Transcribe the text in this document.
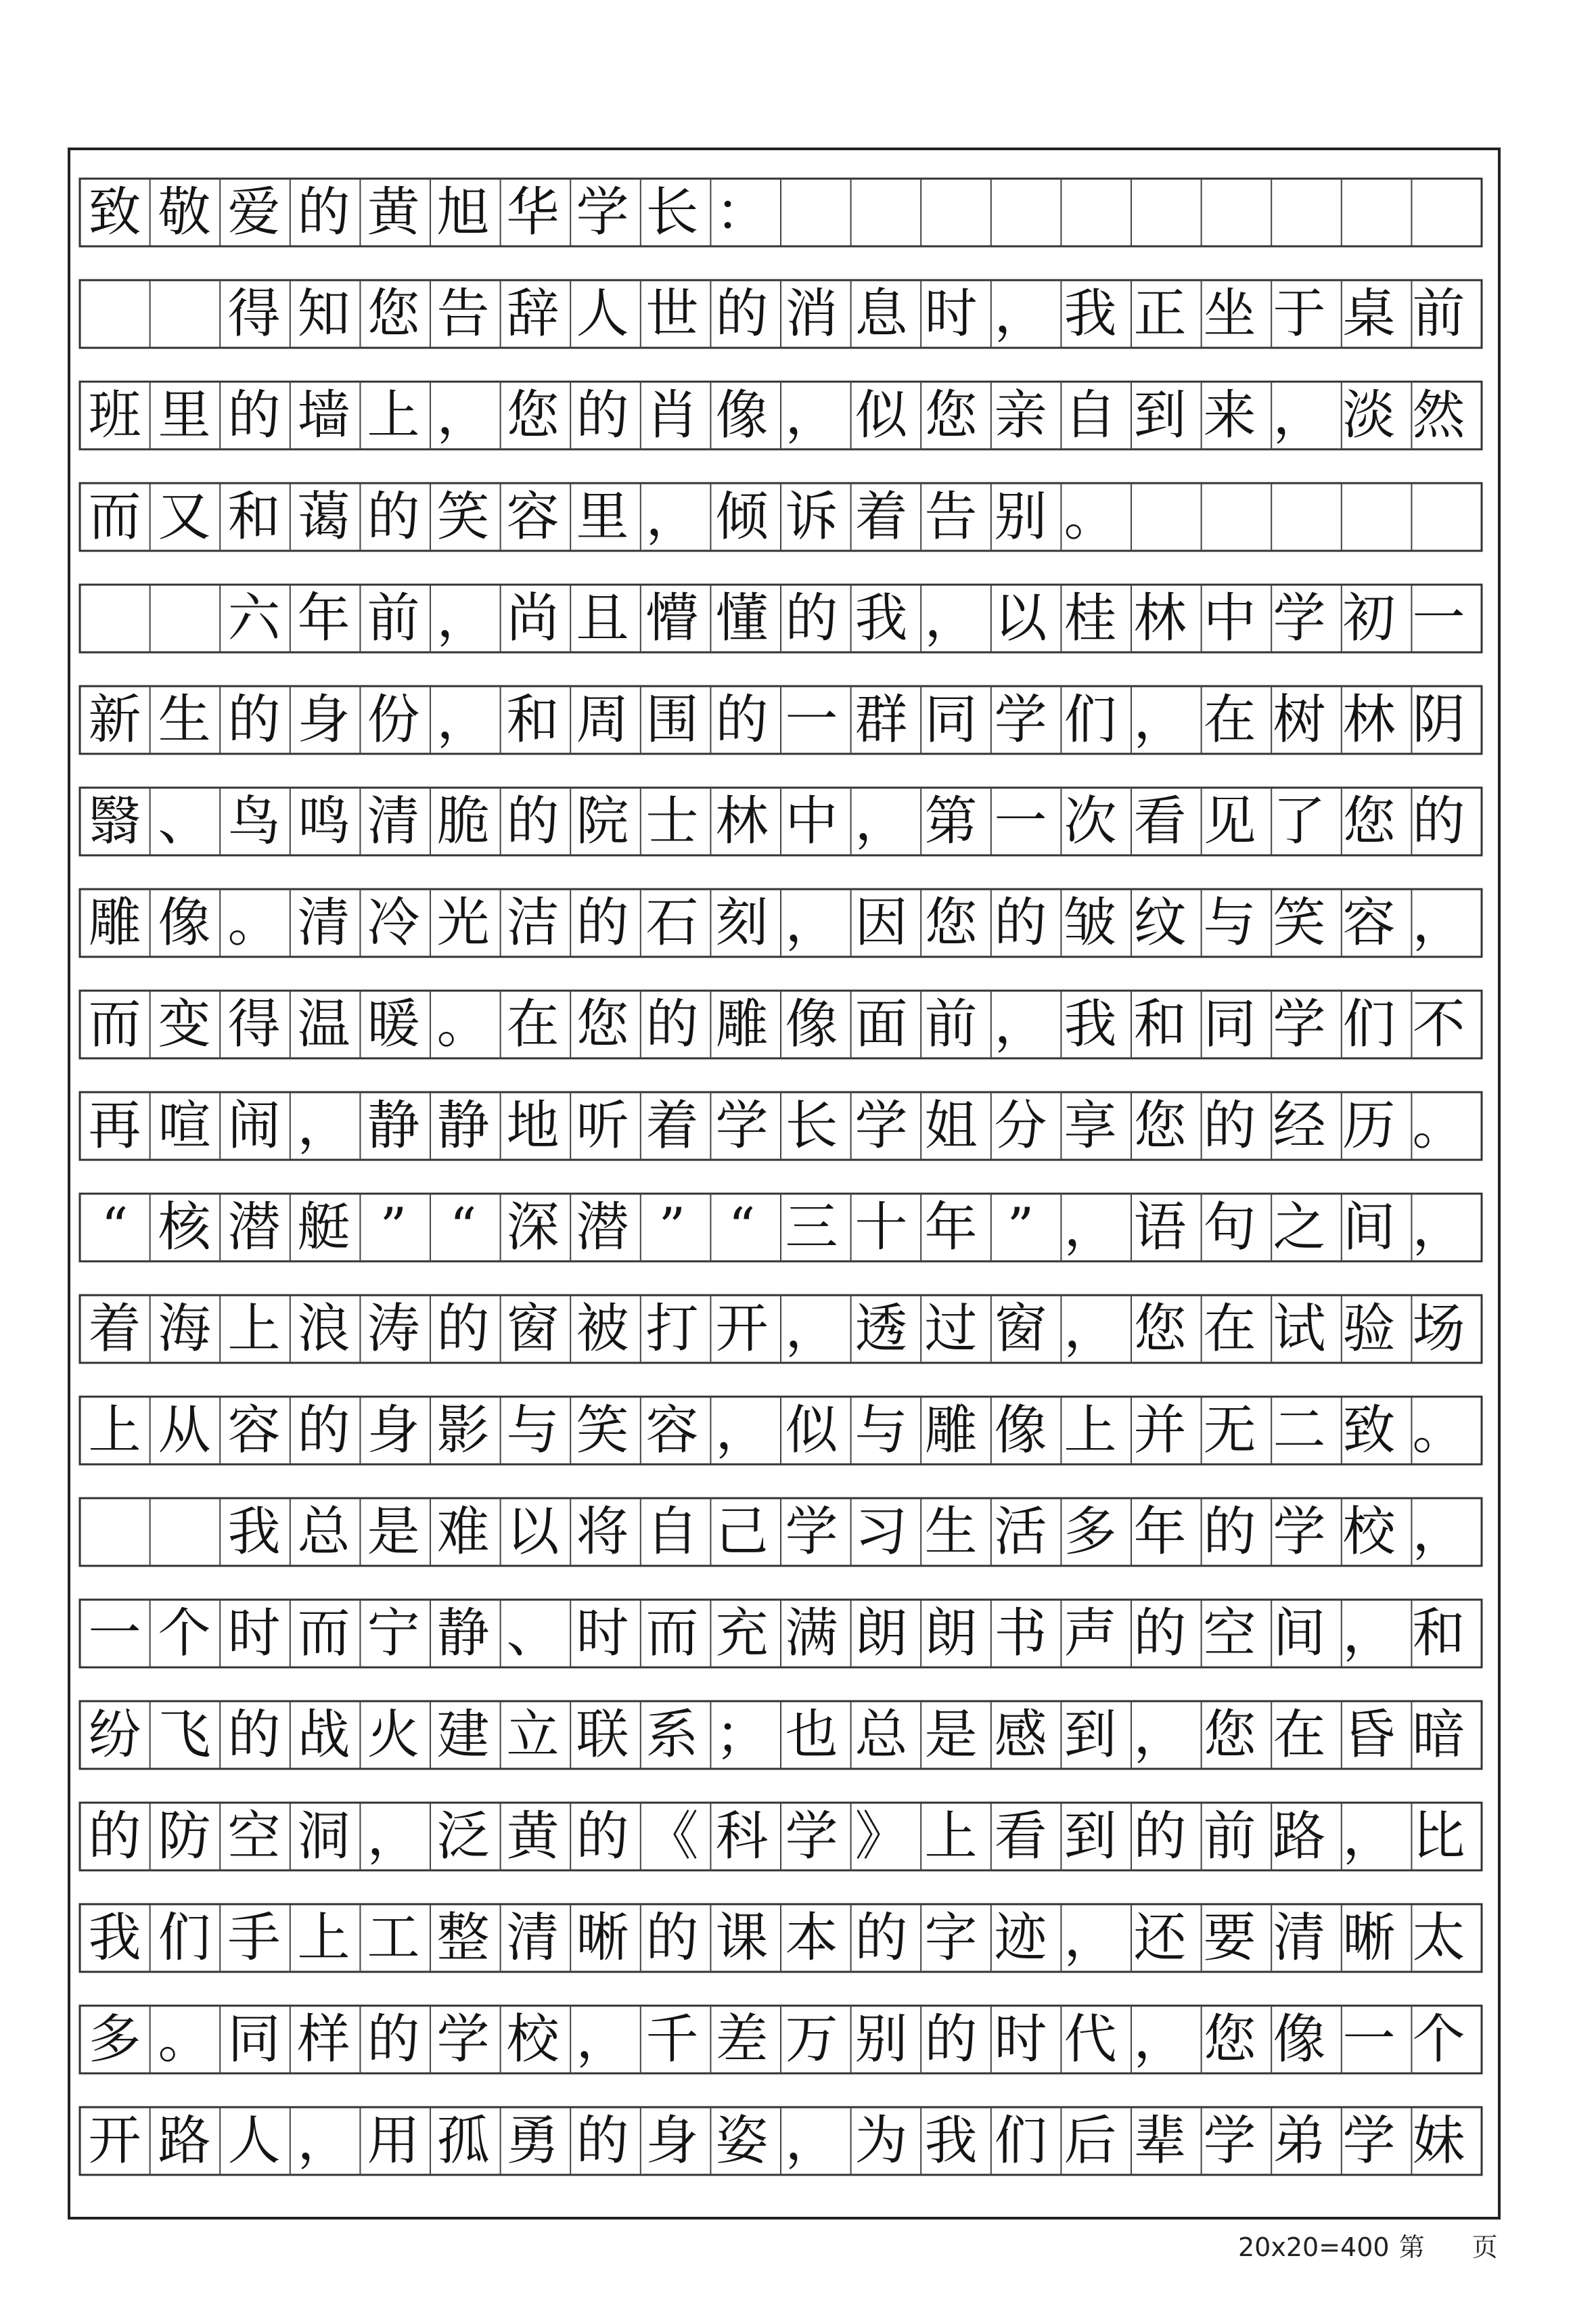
致 敬 爱 的 黄 旭 华 学 长 ：
得 知 您 告 辞 人 世 的 消 息 时 ， 我 正 坐 于 桌 前
班 里 的 墙 上 ， 您 的 肖 像 ， 似 您 亲 自 到 来 ， 淡 然
而 又 和 蔼 的 笑 容 里 ， 倾 诉 着 告 别 。
六 年 前 ， 尚 且 懵 懂 的 我 ， 以 桂 林 中 学 初 一
新 生 的 身 份 ， 和 周 围 的 一 群 同 学 们 ， 在 树 林 阴
翳 、 鸟 鸣 清 脆 的 院 士 林 中 ， 第 一 次 看 见 了 您 的
雕 像 。 清 冷 光 洁 的 石 刻 ， 因 您 的 皱 纹 与 笑 容 ，
而 变 得 温 暖 。 在 您 的 雕 像 面 前 ， 我 和 同 学 们 不
再 喧 闹 ， 静 静 地 听 着 学 长 学 姐 分 享 您 的 经 历 。
“ 核 潜 艇 ” “ 深 潜 ” “ 三 十 年 ” ， 语 句 之 间 ，
着 海 上 浪 涛 的 窗 被 打 开 ， 透 过 窗 ， 您 在 试 验 场
上 从 容 的 身 影 与 笑 容 ， 似 与 雕 像 上 并 无 二 致 。
我 总 是 难 以 将 自 己 学 习 生 活 多 年 的 学 校 ，
一 个 时 而 宁 静 、 时 而 充 满 朗 朗 书 声 的 空 间 ， 和
纷 飞 的 战 火 建 立 联 系 ； 也 总 是 感 到 ， 您 在 昏 暗
的 防 空 洞 ， 泛 黄 的 《 科 学 》 上 看 到 的 前 路 ， 比
我 们 手 上 工 整 清 晰 的 课 本 的 字 迹 ， 还 要 清 晰 太
多 。 同 样 的 学 校 ， 千 差 万 别 的 时 代 ， 您 像 一 个
开 路 人 ， 用 孤 勇 的 身 姿 ， 为 我 们 后 辈 学 弟 学 妹
20x20=400 第 页
